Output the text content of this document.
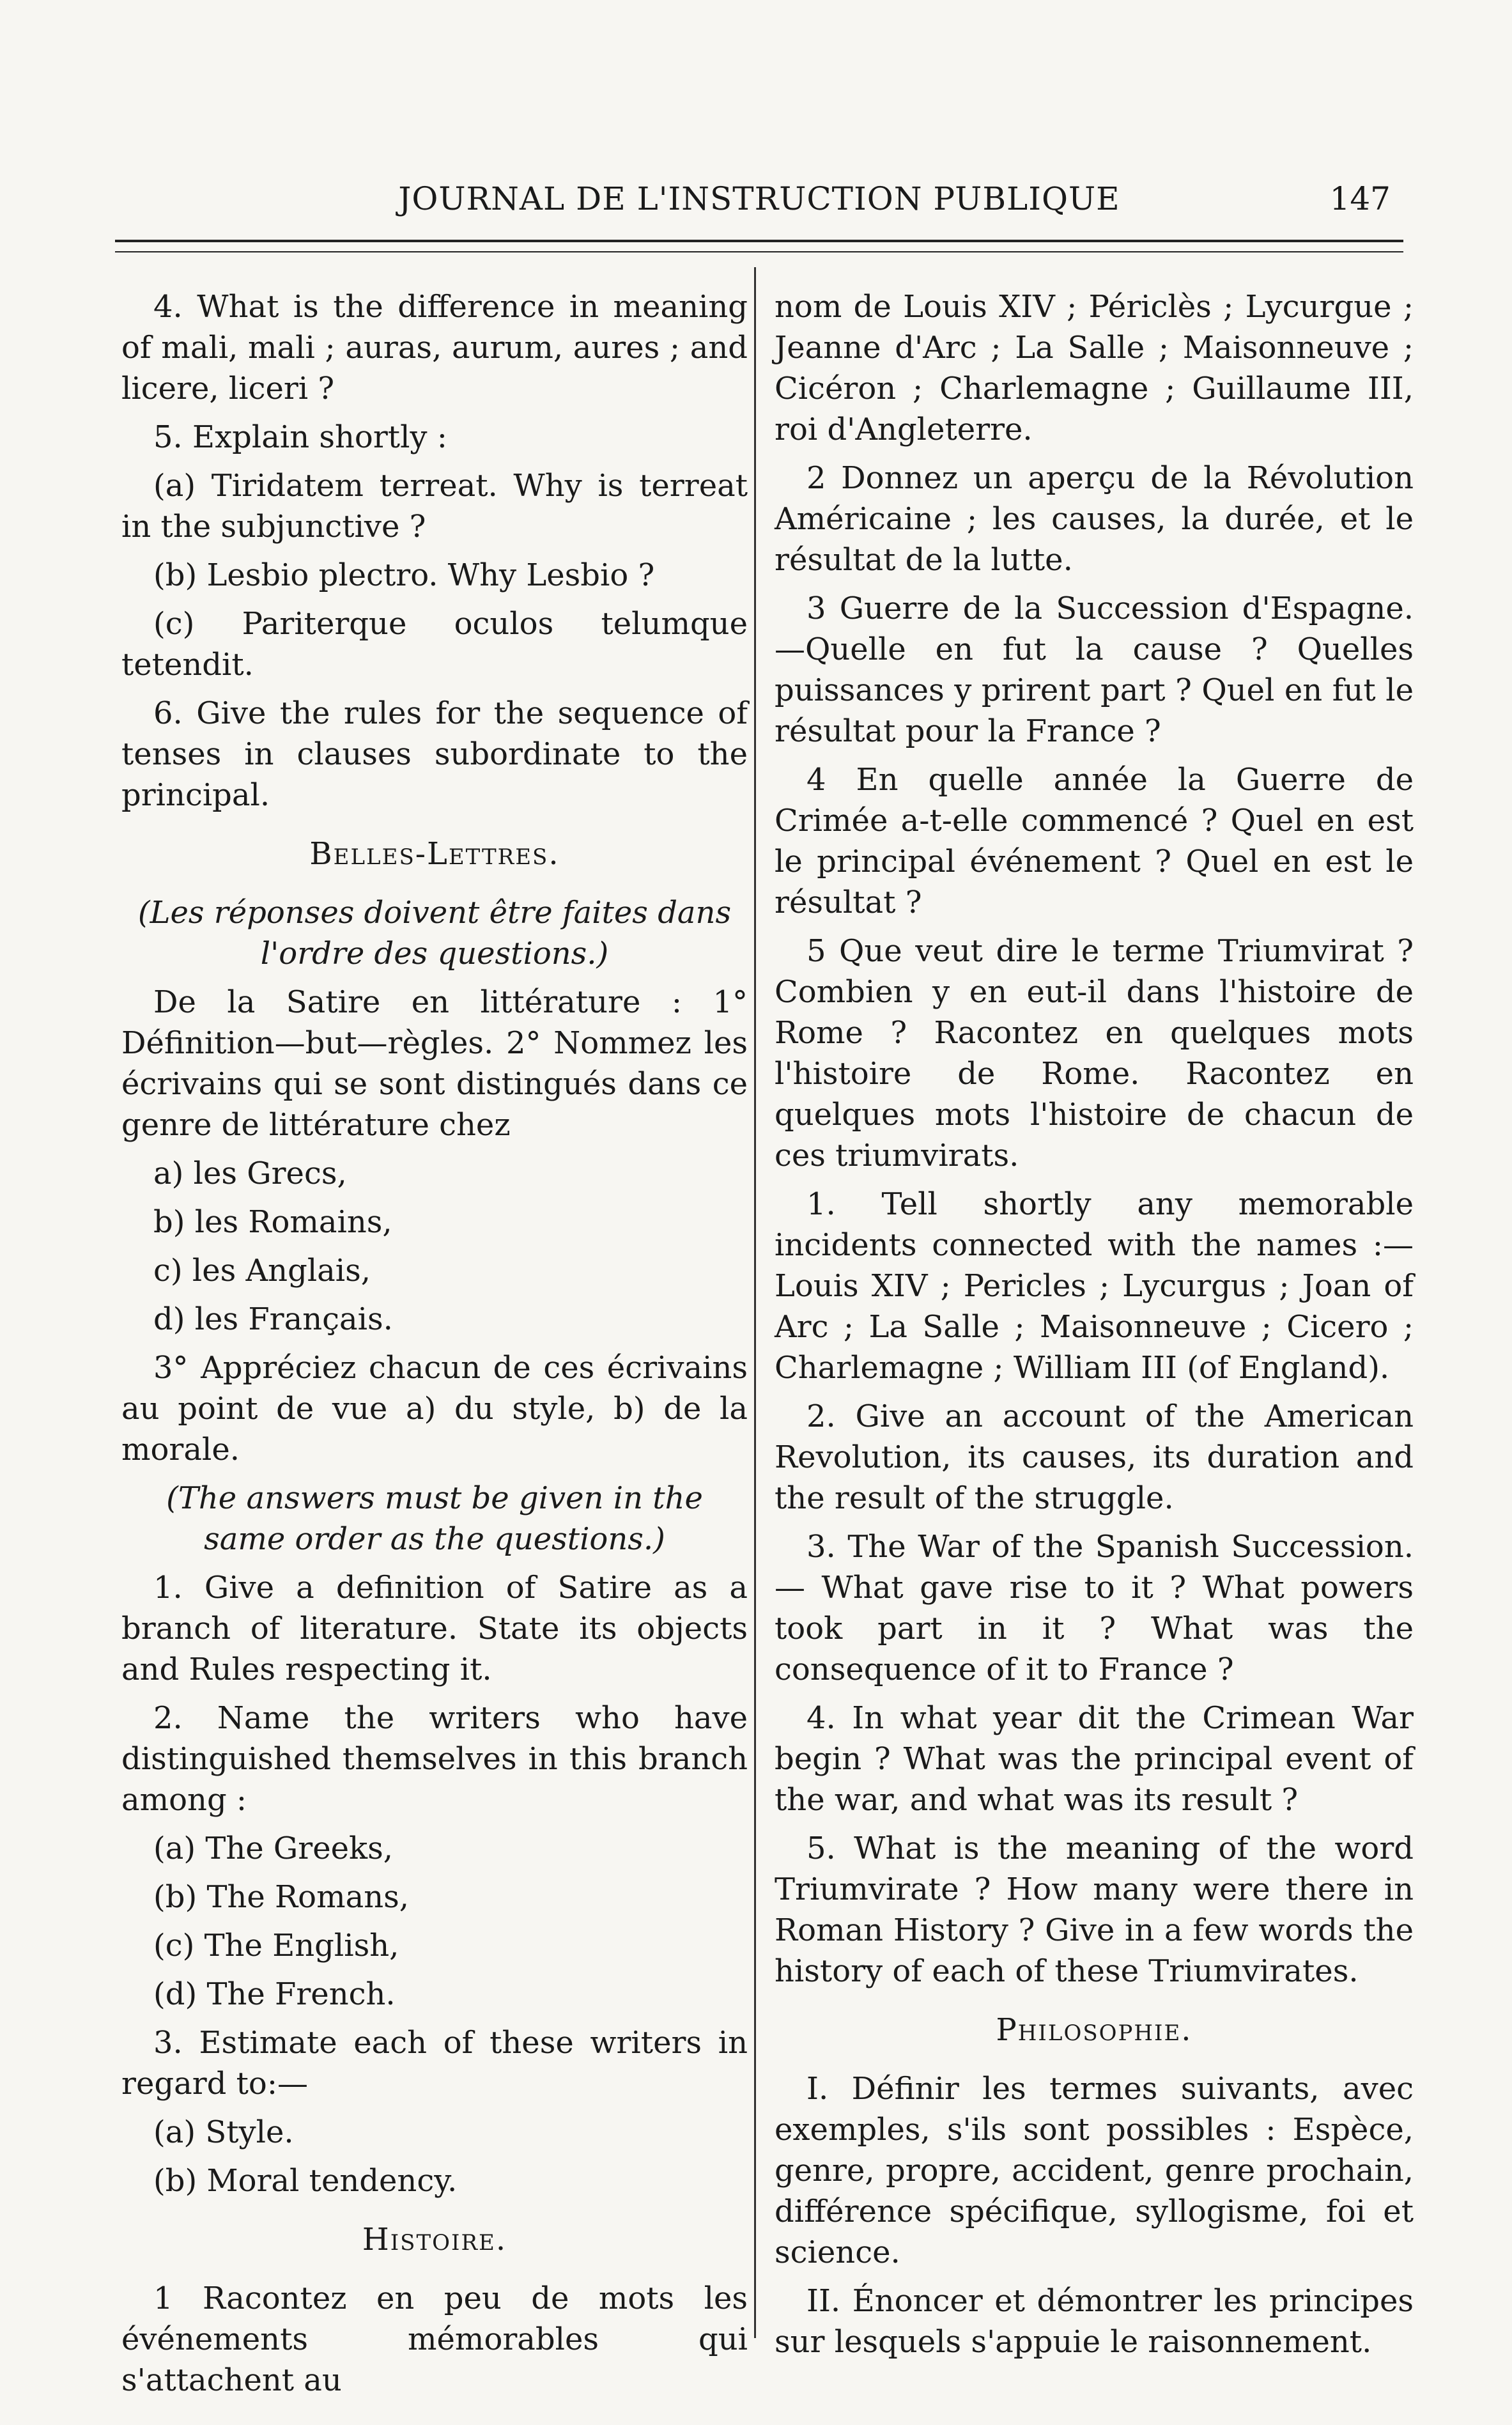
JOURNAL DE L'INSTRUCTION PUBLIQUE	147

4. What is the difference in meaning of mali, mali ; auras, aurum, aures ; and licere, liceri ?

5. Explain shortly :

(a) Tiridatem terreat. Why is terreat in the subjunctive ?

(b) Lesbio plectro. Why Lesbio ?

(c) Pariterque oculos telumque tetendit.

6. Give the rules for the sequence of tenses in clauses subordinate to the principal.

Belles-Lettres.

(Les réponses doivent être faites dans l'ordre des questions.)

De la Satire en littérature : 1° Définition—but—règles. 2° Nommez les écrivains qui se sont distingués dans ce genre de littérature chez

a) les Grecs,

b) les Romains,

c) les Anglais,

d) les Français.

3° Appréciez chacun de ces écrivains au point de vue a) du style, b) de la morale.

(The answers must be given in the same order as the questions.)

1. Give a definition of Satire as a branch of literature. State its objects and Rules respecting it.

2. Name the writers who have distinguished themselves in this branch among :

(a) The Greeks,

(b) The Romans,

(c) The English,

(d) The French.

3. Estimate each of these writers in regard to:—

(a) Style.

(b) Moral tendency.

Histoire.

1 Racontez en peu de mots les événements mémorables qui s'attachent au

nom de Louis XIV ; Périclès ; Lycurgue ; Jeanne d'Arc ; La Salle ; Maisonneuve ; Cicéron ; Charlemagne ; Guillaume III, roi d'Angleterre.

2 Donnez un aperçu de la Révolution Américaine ; les causes, la durée, et le résultat de la lutte.

3 Guerre de la Succession d'Espagne. —Quelle en fut la cause ? Quelles puissances y prirent part ? Quel en fut le résultat pour la France ?

4 En quelle année la Guerre de Crimée a-t-elle commencé ? Quel en est le principal événement ? Quel en est le résultat ?

5 Que veut dire le terme Triumvirat ? Combien y en eut-il dans l'histoire de Rome ? Racontez en quelques mots l'histoire de Rome. Racontez en quelques mots l'histoire de chacun de ces triumvirats.

1. Tell shortly any memorable incidents connected with the names :—Louis XIV ; Pericles ; Lycurgus ; Joan of Arc ; La Salle ; Maisonneuve ; Cicero ; Charlemagne ; William III (of England).

2. Give an account of the American Revolution, its causes, its duration and the result of the struggle.

3. The War of the Spanish Succession.— What gave rise to it ? What powers took part in it ? What was the consequence of it to France ?

4. In what year dit the Crimean War begin ? What was the principal event of the war, and what was its result ?

5. What is the meaning of the word Triumvirate ? How many were there in Roman History ? Give in a few words the history of each of these Triumvirates.

Philosophie.

I. Définir les termes suivants, avec exemples, s'ils sont possibles : Espèce, genre, propre, accident, genre prochain, différence spécifique, syllogisme, foi et science.

II. Énoncer et démontrer les principes sur lesquels s'appuie le raisonnement.
